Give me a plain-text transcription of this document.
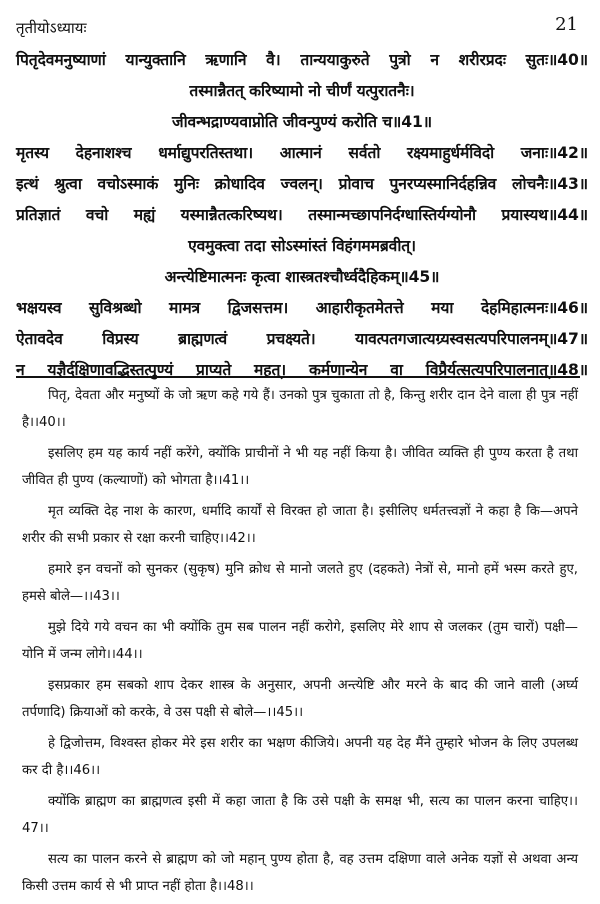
तृतीयोऽध्यायः	21
पितृदेवमनुष्याणां यान्युक्तानि ऋणानि वै। तान्ययाकुरुते पुत्रो न शरीरप्रदः सुतः॥40॥
तस्मान्नैतत् करिष्यामो नो चीर्णं यत्पुरातनैः।
जीवन्भद्राण्यवाप्नोति जीवन्पुण्यं करोति च॥41॥
मृतस्य देहनाशश्च धर्माद्युपरतिस्तथा। आत्मानं सर्वतो रक्ष्यमाहुर्धर्मविदो जनाः॥42॥
इत्थं श्रुत्वा वचोऽस्माकं मुनिः क्रोधादिव ज्वलन्। प्रोवाच पुनरप्यस्मानिर्दहन्निव लोचनैः॥43॥
प्रतिज्ञातं वचो मह्यं यस्मान्नैतत्करिष्यथ। तस्मान्मच्छापनिर्दग्धास्तिर्यग्योनौ प्रयास्यथ॥44॥
एवमुक्त्वा तदा सोऽस्मांस्तं विहंगममब्रवीत्।
अन्त्येष्टिमात्मनः कृत्वा शास्त्रतश्चौर्ध्वदैहिकम्॥45॥
भक्षयस्व सुविश्रब्धो मामत्र द्विजसत्तम। आहारीकृतमेतत्ते मया देहमिहात्मनः॥46॥
ऐतावदेव विप्रस्य ब्राह्मणत्वं प्रचक्ष्यते। यावत्पतगजात्यग्र्यस्वसत्यपरिपालनम्॥47॥
न यज्ञैर्दक्षिणावद्भिस्तत्पुण्यं प्राप्यते महत्। कर्मणान्येन वा विप्रैर्यत्सत्यपरिपालनात्॥48॥

पितृ, देवता और मनुष्यों के जो ऋण कहे गये हैं। उनको पुत्र चुकाता तो है, किन्तु शरीर दान देने वाला ही पुत्र नहीं है।।40।।

इसलिए हम यह कार्य नहीं करेंगे, क्योंकि प्राचीनों ने भी यह नहीं किया है। जीवित व्यक्ति ही पुण्य करता है तथा जीवित ही पुण्य (कल्याणों) को भोगता है।।41।।

मृत व्यक्ति देह नाश के कारण, धर्मादि कार्यों से विरक्त हो जाता है। इसीलिए धर्मतत्त्वज्ञों ने कहा है कि—अपने शरीर की सभी प्रकार से रक्षा करनी चाहिए।।42।।

हमारे इन वचनों को सुनकर (सुकृष) मुनि क्रोध से मानो जलते हुए (दहकते) नेत्रों से, मानो हमें भस्म करते हुए, हमसे बोले—।।43।।

मुझे दिये गये वचन का भी क्योंकि तुम सब पालन नहीं करोगे, इसलिए मेरे शाप से जलकर (तुम चारों) पक्षी—योनि में जन्म लोगे।।44।।

इसप्रकार हम सबको शाप देकर शास्त्र के अनुसार, अपनी अन्त्येष्टि और मरने के बाद की जाने वाली (अर्घ्य तर्पणादि) क्रियाओं को करके, वे उस पक्षी से बोले—।।45।।

हे द्विजोत्तम, विश्वस्त होकर मेरे इस शरीर का भक्षण कीजिये। अपनी यह देह मैंने तुम्हारे भोजन के लिए उपलब्ध कर दी है।।46।।

क्योंकि ब्राह्मण का ब्राह्मणत्व इसी में कहा जाता है कि उसे पक्षी के समक्ष भी, सत्य का पालन करना चाहिए।।47।।

सत्य का पालन करने से ब्राह्मण को जो महान् पुण्य होता है, वह उत्तम दक्षिणा वाले अनेक यज्ञों से अथवा अन्य किसी उत्तम कार्य से भी प्राप्त नहीं होता है।।48।।
